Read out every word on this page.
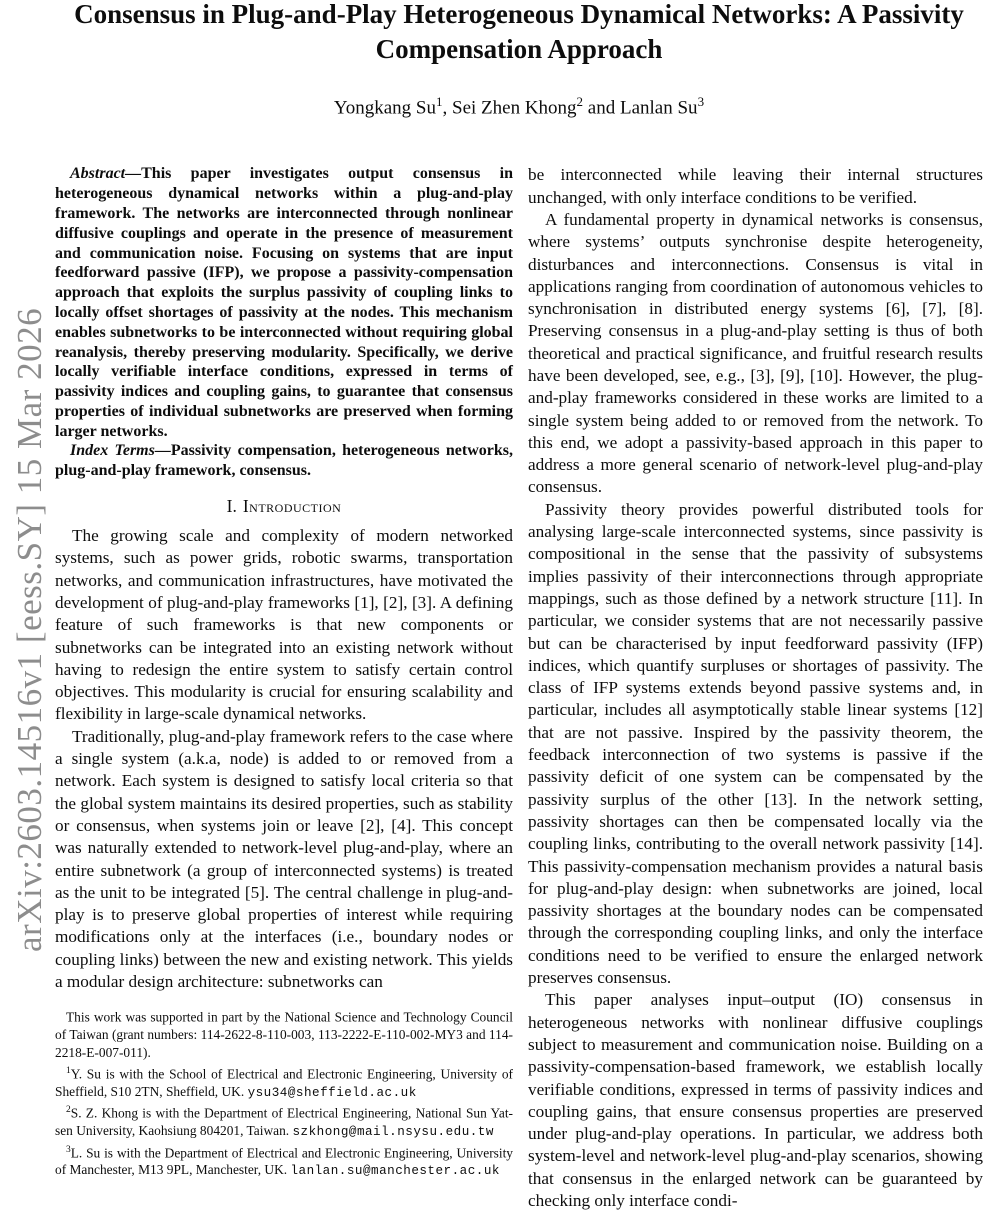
arXiv:2603.14516v1 [eess.SY] 15 Mar 2026
Consensus in Plug-and-Play Heterogeneous Dynamical Networks: A Passivity Compensation Approach
Yongkang Su$^1$, Sei Zhen Khong$^2$ and Lanlan Su$^3$

Abstract—This paper investigates output consensus in heterogeneous dynamical networks within a plug-and-play framework. The networks are interconnected through nonlinear diffusive couplings and operate in the presence of measurement and communication noise. Focusing on systems that are input feedforward passive (IFP), we propose a passivity-compensation approach that exploits the surplus passivity of coupling links to locally offset shortages of passivity at the nodes. This mechanism enables subnetworks to be interconnected without requiring global reanalysis, thereby preserving modularity. Specifically, we derive locally verifiable interface conditions, expressed in terms of passivity indices and coupling gains, to guarantee that consensus properties of individual subnetworks are preserved when forming larger networks.

Index Terms—Passivity compensation, heterogeneous networks, plug-and-play framework, consensus.

I. Introduction

The growing scale and complexity of modern networked systems, such as power grids, robotic swarms, transportation networks, and communication infrastructures, have motivated the development of plug-and-play frameworks [1], [2], [3]. A defining feature of such frameworks is that new components or subnetworks can be integrated into an existing network without having to redesign the entire system to satisfy certain control objectives. This modularity is crucial for ensuring scalability and flexibility in large-scale dynamical networks.

Traditionally, plug-and-play framework refers to the case where a single system (a.k.a, node) is added to or removed from a network. Each system is designed to satisfy local criteria so that the global system maintains its desired properties, such as stability or consensus, when systems join or leave [2], [4]. This concept was naturally extended to network-level plug-and-play, where an entire subnetwork (a group of interconnected systems) is treated as the unit to be integrated [5]. The central challenge in plug-and-play is to preserve global properties of interest while requiring modifications only at the interfaces (i.e., boundary nodes or coupling links) between the new and existing network. This yields a modular design architecture: subnetworks can

This work was supported in part by the National Science and Technology Council of Taiwan (grant numbers: 114-2622-8-110-003, 113-2222-E-110-002-MY3 and 114-2218-E-007-011).

$^1$Y. Su is with the School of Electrical and Electronic Engineering, University of Sheffield, S10 2TN, Sheffield, UK. ysu34@sheffield.ac.uk

$^2$S. Z. Khong is with the Department of Electrical Engineering, National Sun Yat-sen University, Kaohsiung 804201, Taiwan. szkhong@mail.nsysu.edu.tw

$^3$L. Su is with the Department of Electrical and Electronic Engineering, University of Manchester, M13 9PL, Manchester, UK. lanlan.su@manchester.ac.uk

be interconnected while leaving their internal structures unchanged, with only interface conditions to be verified.

A fundamental property in dynamical networks is consensus, where systems’ outputs synchronise despite heterogeneity, disturbances and interconnections. Consensus is vital in applications ranging from coordination of autonomous vehicles to synchronisation in distributed energy systems [6], [7], [8]. Preserving consensus in a plug-and-play setting is thus of both theoretical and practical significance, and fruitful research results have been developed, see, e.g., [3], [9], [10]. However, the plug-and-play frameworks considered in these works are limited to a single system being added to or removed from the network. To this end, we adopt a passivity-based approach in this paper to address a more general scenario of network-level plug-and-play consensus.

Passivity theory provides powerful distributed tools for analysing large-scale interconnected systems, since passivity is compositional in the sense that the passivity of subsystems implies passivity of their interconnections through appropriate mappings, such as those defined by a network structure [11]. In particular, we consider systems that are not necessarily passive but can be characterised by input feedforward passivity (IFP) indices, which quantify surpluses or shortages of passivity. The class of IFP systems extends beyond passive systems and, in particular, includes all asymptotically stable linear systems [12] that are not passive. Inspired by the passivity theorem, the feedback interconnection of two systems is passive if the passivity deficit of one system can be compensated by the passivity surplus of the other [13]. In the network setting, passivity shortages can then be compensated locally via the coupling links, contributing to the overall network passivity [14]. This passivity-compensation mechanism provides a natural basis for plug-and-play design: when subnetworks are joined, local passivity shortages at the boundary nodes can be compensated through the corresponding coupling links, and only the interface conditions need to be verified to ensure the enlarged network preserves consensus.

This paper analyses input–output (IO) consensus in heterogeneous networks with nonlinear diffusive couplings subject to measurement and communication noise. Building on a passivity-compensation-based framework, we establish locally verifiable conditions, expressed in terms of passivity indices and coupling gains, that ensure consensus properties are preserved under plug-and-play operations. In particular, we address both system-level and network-level plug-and-play scenarios, showing that consensus in the enlarged network can be guaranteed by checking only interface condi-
